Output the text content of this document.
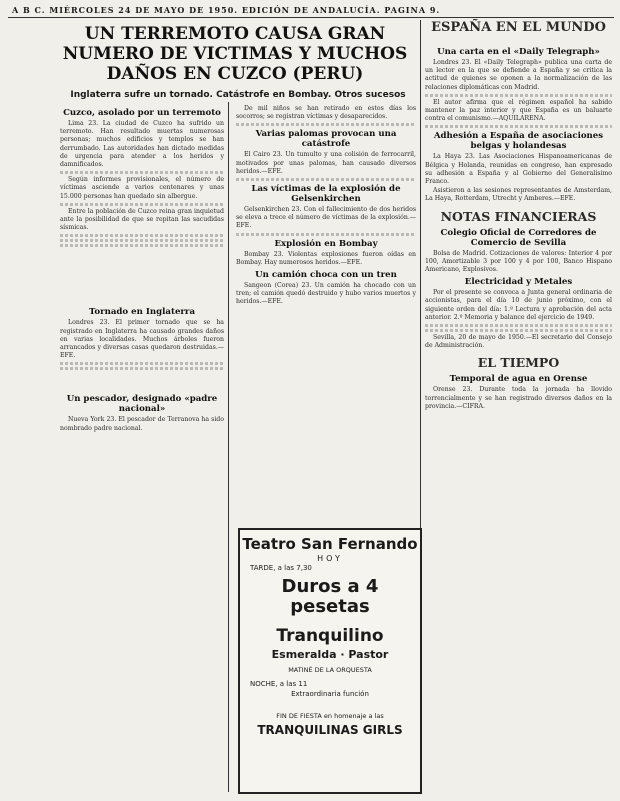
A B C. MIÉRCOLES 24 DE MAYO DE 1950. EDICIÓN DE ANDALUCÍA. PAGINA 9.
UN TERREMOTO CAUSA GRAN NUMERO DE VICTIMAS Y MUCHOS DAÑOS EN CUZCO (PERU)
Inglaterra sufre un tornado. Catástrofe en Bombay. Otros sucesos
Cuzco, asolado por un terremoto

Lima 23. La ciudad de Cuzco ha sufrido un terremoto. Han resultado muertas numerosas personas; muchos edificios y templos se han derrumbado. Las autoridades han dictado medidas de urgencia para atender a los heridos y damnificados.

Según informes provisionales, el número de víctimas asciende a varios centenares y unas 15.000 personas han quedado sin albergue.

Entre la población de Cuzco reina gran inquietud ante la posibilidad de que se repitan las sacudidas sísmicas.

Tornado en Inglaterra

Londres 23. El primer tornado que se ha registrado en Inglaterra ha causado grandes daños en varias localidades. Muchos árboles fueron arrancados y diversas casas quedaron destruidas.—EFE.

Un pescador, designado «padre nacional»

Nueva York 23. El pescador de Terranova ha sido nombrado padre nacional.

De mil niños se han retirado en estos días los socorros; se registran víctimas y desaparecidos.

Varias palomas provocan una catástrofe

El Cairo 23. Un tumulto y una colisión de ferrocarril, motivados por unas palomas, han causado diversos heridos.—EFE.

Las víctimas de la explosión de Gelsenkirchen

Gelsenkirchen 23. Con el fallecimiento de dos heridos se eleva a trece el número de víctimas de la explosión.—EFE.

Explosión en Bombay

Bombay 23. Violentas explosiones fueron oídas en Bombay. Hay numerosos heridos.—EFE.

Un camión choca con un tren

Sangeon (Corea) 23. Un camión ha chocado con un tren; el camión quedó destruido y hubo varios muertos y heridos.—EFE.

Teatro San Fernando
HOY
TARDE, a las 7,30
Duros a 4 pesetas
Tranquilino
Esmeralda · Pastor
MATINÉ DE LA ORQUESTA
NOCHE, a las 11
Extraordinaria función
FIN DE FIESTA en homenaje a las
TRANQUILINAS GIRLS
ESPAÑA EN EL MUNDO
Una carta en el «Daily Telegraph»

Londres 23. El «Daily Telegraph» publica una carta de un lector en la que se defiende a España y se critica la actitud de quienes se oponen a la normalización de las relaciones diplomáticas con Madrid.

El autor afirma que el régimen español ha sabido mantener la paz interior y que España es un baluarte contra el comunismo.—AQUILARENA.

Adhesión a España de asociaciones belgas y holandesas

La Haya 23. Las Asociaciones Hispanoamericanas de Bélgica y Holanda, reunidas en congreso, han expresado su adhesión a España y al Gobierno del Generalísimo Franco.

Asistieron a las sesiones representantes de Amsterdam, La Haya, Rotterdam, Utrecht y Amberes.—EFE.

NOTAS FINANCIERAS
Colegio Oficial de Corredores de Comercio de Sevilla

Bolsa de Madrid. Cotizaciones de valores: Interior 4 por 100, Amortizable 3 por 100 y 4 por 100, Banco Hispano Americano, Explosivos.

Electricidad y Metales

Por el presente se convoca a Junta general ordinaria de accionistas, para el día 10 de junio próximo, con el siguiente orden del día: 1.º Lectura y aprobación del acta anterior. 2.º Memoria y balance del ejercicio de 1949.

Sevilla, 20 de mayo de 1950.—El secretario del Consejo de Administración.

EL TIEMPO
Temporal de agua en Orense

Orense 23. Durante toda la jornada ha llovido torrencialmente y se han registrado diversos daños en la provincia.—CIFRA.
